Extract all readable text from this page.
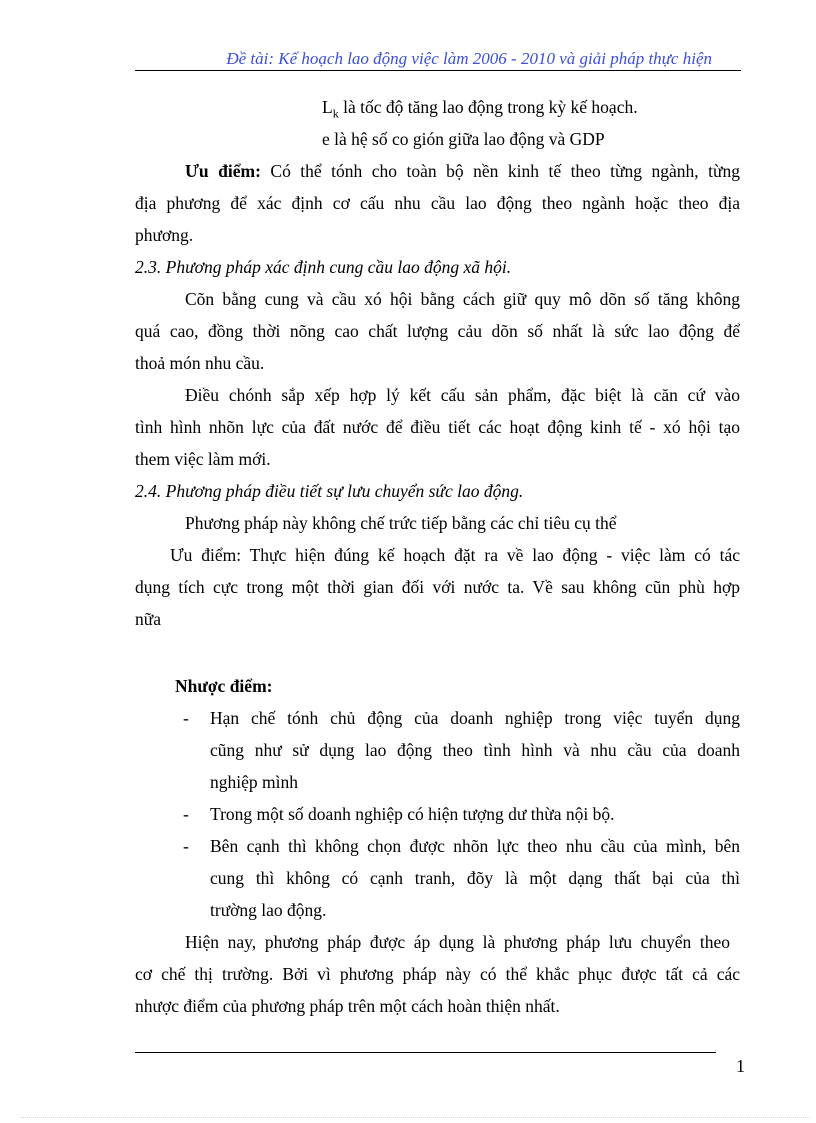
Đề tài: Kế hoạch lao động việc làm 2006 - 2010 và giải pháp thực hiện
$L_k$ là tốc độ tăng lao động trong kỳ kế hoạch.
e là hệ số co gión giữa lao động và GDP
Ưu điểm: Có thể tónh cho toàn bộ nền kinh tế theo từng ngành, từng
địa phương để xác định cơ cấu nhu cầu lao động theo ngành hoặc theo địa
phương.
2.3. Phương pháp xác định cung cầu lao động xã hội.
Cõn bằng cung và cầu xó hội bằng cách giữ quy mô dõn số tăng không
quá cao, đồng thời nõng cao chất lượng cảu dõn số nhất là sức lao động để
thoả món nhu cầu.
Điều chónh sắp xếp hợp lý kết cấu sản phẩm, đặc biệt là căn cứ vào
tình hình nhõn lực của đất nước để điều tiết các hoạt động kinh tế - xó hội tạo
them việc làm mới.
2.4. Phương pháp điều tiết sự lưu chuyển sức lao động.
Phương pháp này không chế trức tiếp bằng các chỉ tiêu cụ thể
Ưu điểm: Thực hiện đúng kế hoạch đặt ra về lao động - việc làm có tác
dụng tích cực trong một thời gian đối với nước ta. Về sau không cũn phù hợp
nữa
Nhược điểm:
- Hạn chế tónh chủ động của doanh nghiệp trong việc tuyển dụng
cũng như sử dụng lao động theo tình hình và nhu cầu của doanh
nghiệp mình
- Trong một số doanh nghiệp có hiện tượng dư thừa nội bộ.
- Bên cạnh thì không chọn được nhõn lực theo nhu cầu của mình, bên
cung thì không có cạnh tranh, đõy là một dạng thất bại của thì
trường lao động.
Hiện nay, phương pháp được áp dụng là phương pháp lưu chuyển theo
cơ chế thị trường. Bởi vì phương pháp này có thể khắc phục được tất cả các
nhược điểm của phương pháp trên một cách hoàn thiện nhất.
1
